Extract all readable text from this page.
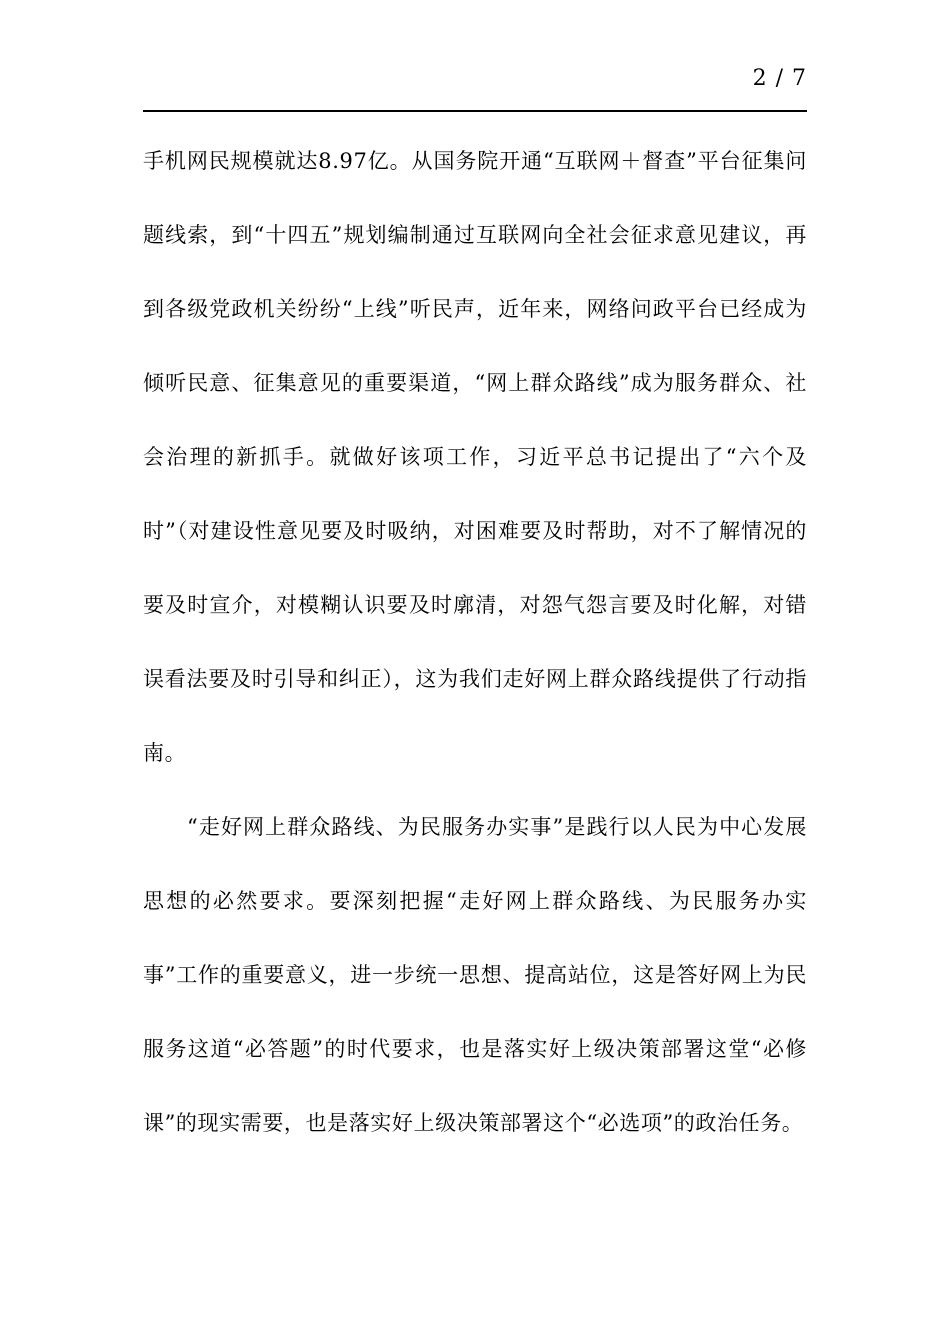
2 / 7

手机网民规模就达8.97亿。从国务院开通“互联网＋督查”平台征集问题线索，到“十四五”规划编制通过互联网向全社会征求意见建议，再到各级党政机关纷纷“上线”听民声，近年来，网络问政平台已经成为倾听民意、征集意见的重要渠道，“网上群众路线”成为服务群众、社会治理的新抓手。就做好该项工作，习近平总书记提出了“六个及时”（对建设性意见要及时吸纳，对困难要及时帮助，对不了解情况的要及时宣介，对模糊认识要及时廓清，对怨气怨言要及时化解，对错误看法要及时引导和纠正），这为我们走好网上群众路线提供了行动指南。

“走好网上群众路线、为民服务办实事”是践行以人民为中心发展思想的必然要求。要深刻把握“走好网上群众路线、为民服务办实事”工作的重要意义，进一步统一思想、提高站位，这是答好网上为民服务这道“必答题”的时代要求，也是落实好上级决策部署这堂“必修课”的现实需要，也是落实好上级决策部署这个“必选项”的政治任务。
